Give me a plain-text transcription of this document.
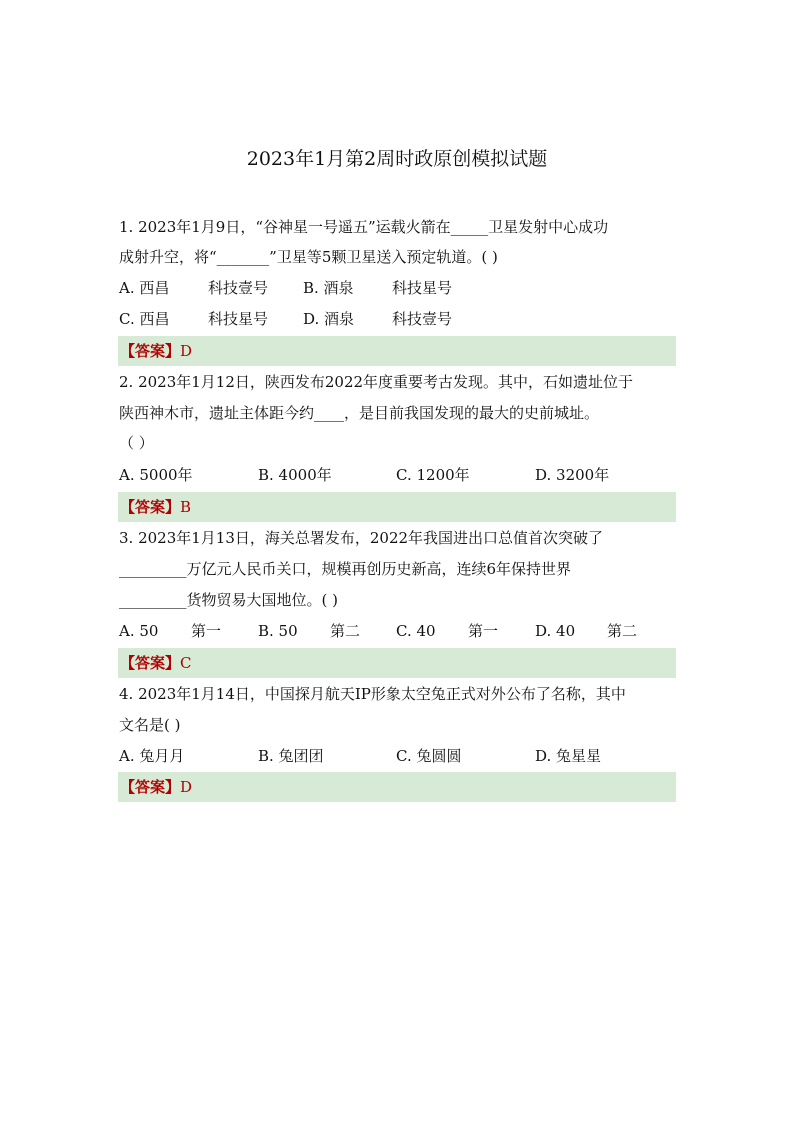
2023年1月第2周时政原创模拟试题
1. 2023年1月9日，“谷神星一号遥五”运载火箭在_____卫星发射中心成功
成射升空，将“_______”卫星等5颗卫星送入预定轨道。( )
A. 西昌	科技壹号 B. 酒泉	科技星号
C. 西昌	科技星号 D. 酒泉	科技壹号
【答案】D
2. 2023年1月12日，陕西发布2022年度重要考古发现。其中，石如遗址位于
陕西神木市，遗址主体距今约____，是目前我国发现的最大的史前城址。
（ ）
A. 5000年	B. 4000年	C. 1200年	D. 3200年
【答案】B
3. 2023年1月13日，海关总署发布，2022年我国进出口总值首次突破了
_________万亿元人民币关口，规模再创历史新高，连续6年保持世界
_________货物贸易大国地位。( )
A. 50 第一 B. 50 第二 C. 40 第一 D. 40 第二
【答案】C
4. 2023年1月14日，中国探月航天IP形象太空兔正式对外公布了名称，其中
文名是( )
A. 兔月月	B. 兔团团	C. 兔圆圆	D. 兔星星
【答案】D
